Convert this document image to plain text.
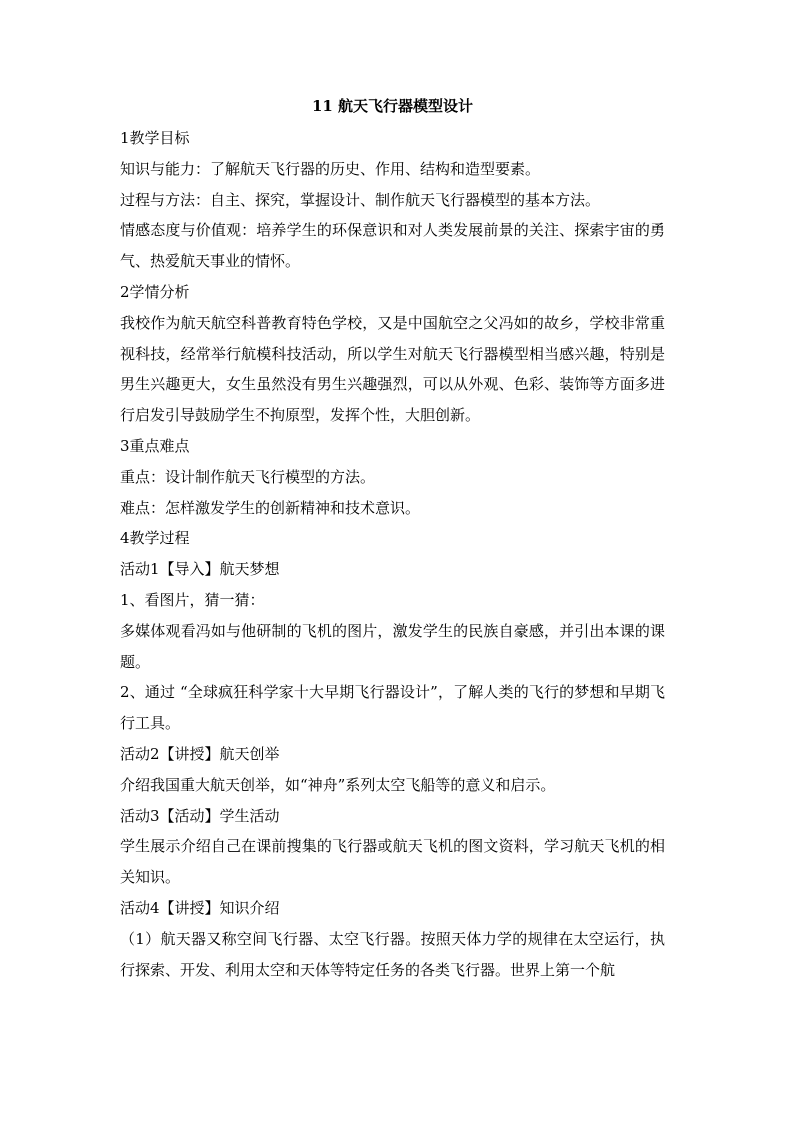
11 航天飞行器模型设计

1教学目标

知识与能力：了解航天飞行器的历史、作用、结构和造型要素。

过程与方法：自主、探究，掌握设计、制作航天飞行器模型的基本方法。

情感态度与价值观：培养学生的环保意识和对人类发展前景的关注、探索宇宙的勇气、热爱航天事业的情怀。

2学情分析

我校作为航天航空科普教育特色学校，又是中国航空之父冯如的故乡，学校非常重视科技，经常举行航模科技活动，所以学生对航天飞行器模型相当感兴趣，特别是男生兴趣更大，女生虽然没有男生兴趣强烈，可以从外观、色彩、装饰等方面多进行启发引导鼓励学生不拘原型，发挥个性，大胆创新。

3重点难点

重点：设计制作航天飞行模型的方法。

难点：怎样激发学生的创新精神和技术意识。

4教学过程

活动1【导入】航天梦想

1、看图片，猜一猜：

多媒体观看冯如与他研制的飞机的图片，激发学生的民族自豪感，并引出本课的课题。

2、通过 “全球疯狂科学家十大早期飞行器设计”，了解人类的飞行的梦想和早期飞行工具。

活动2【讲授】航天创举

介绍我国重大航天创举，如“神舟”系列太空飞船等的意义和启示。

活动3【活动】学生活动

学生展示介绍自己在课前搜集的飞行器或航天飞机的图文资料，学习航天飞机的相关知识。

活动4【讲授】知识介绍

（1）航天器又称空间飞行器、太空飞行器。按照天体力学的规律在太空运行，执行探索、开发、利用太空和天体等特定任务的各类飞行器。世界上第一个航
